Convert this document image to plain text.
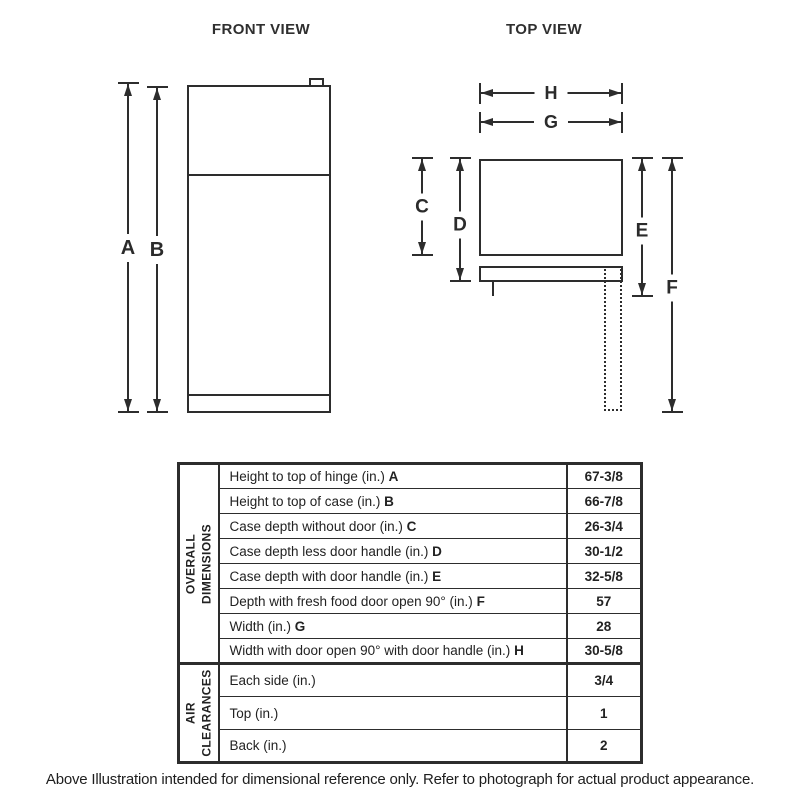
FRONT VIEW	TOP VIEW
A B
H
G
C
D	E
F
OVERALL DIMENSIONS	Height to top of hinge (in.) A	67-3/8
	Height to top of case (in.) B	66-7/8
	Case depth without door (in.) C	26-3/4
	Case depth less door handle (in.) D	30-1/2
	Case depth with door handle (in.) E	32-5/8
	Depth with fresh food door open 90° (in.) F	57
	Width (in.) G	28
	Width with door open 90° with door handle (in.) H	30-5/8

AIR CLEARANCES	Each side (in.)	3/4
	Top (in.)	1
	Back (in.)	2
Above Illustration intended for dimensional reference only. Refer to photograph for actual product appearance.
